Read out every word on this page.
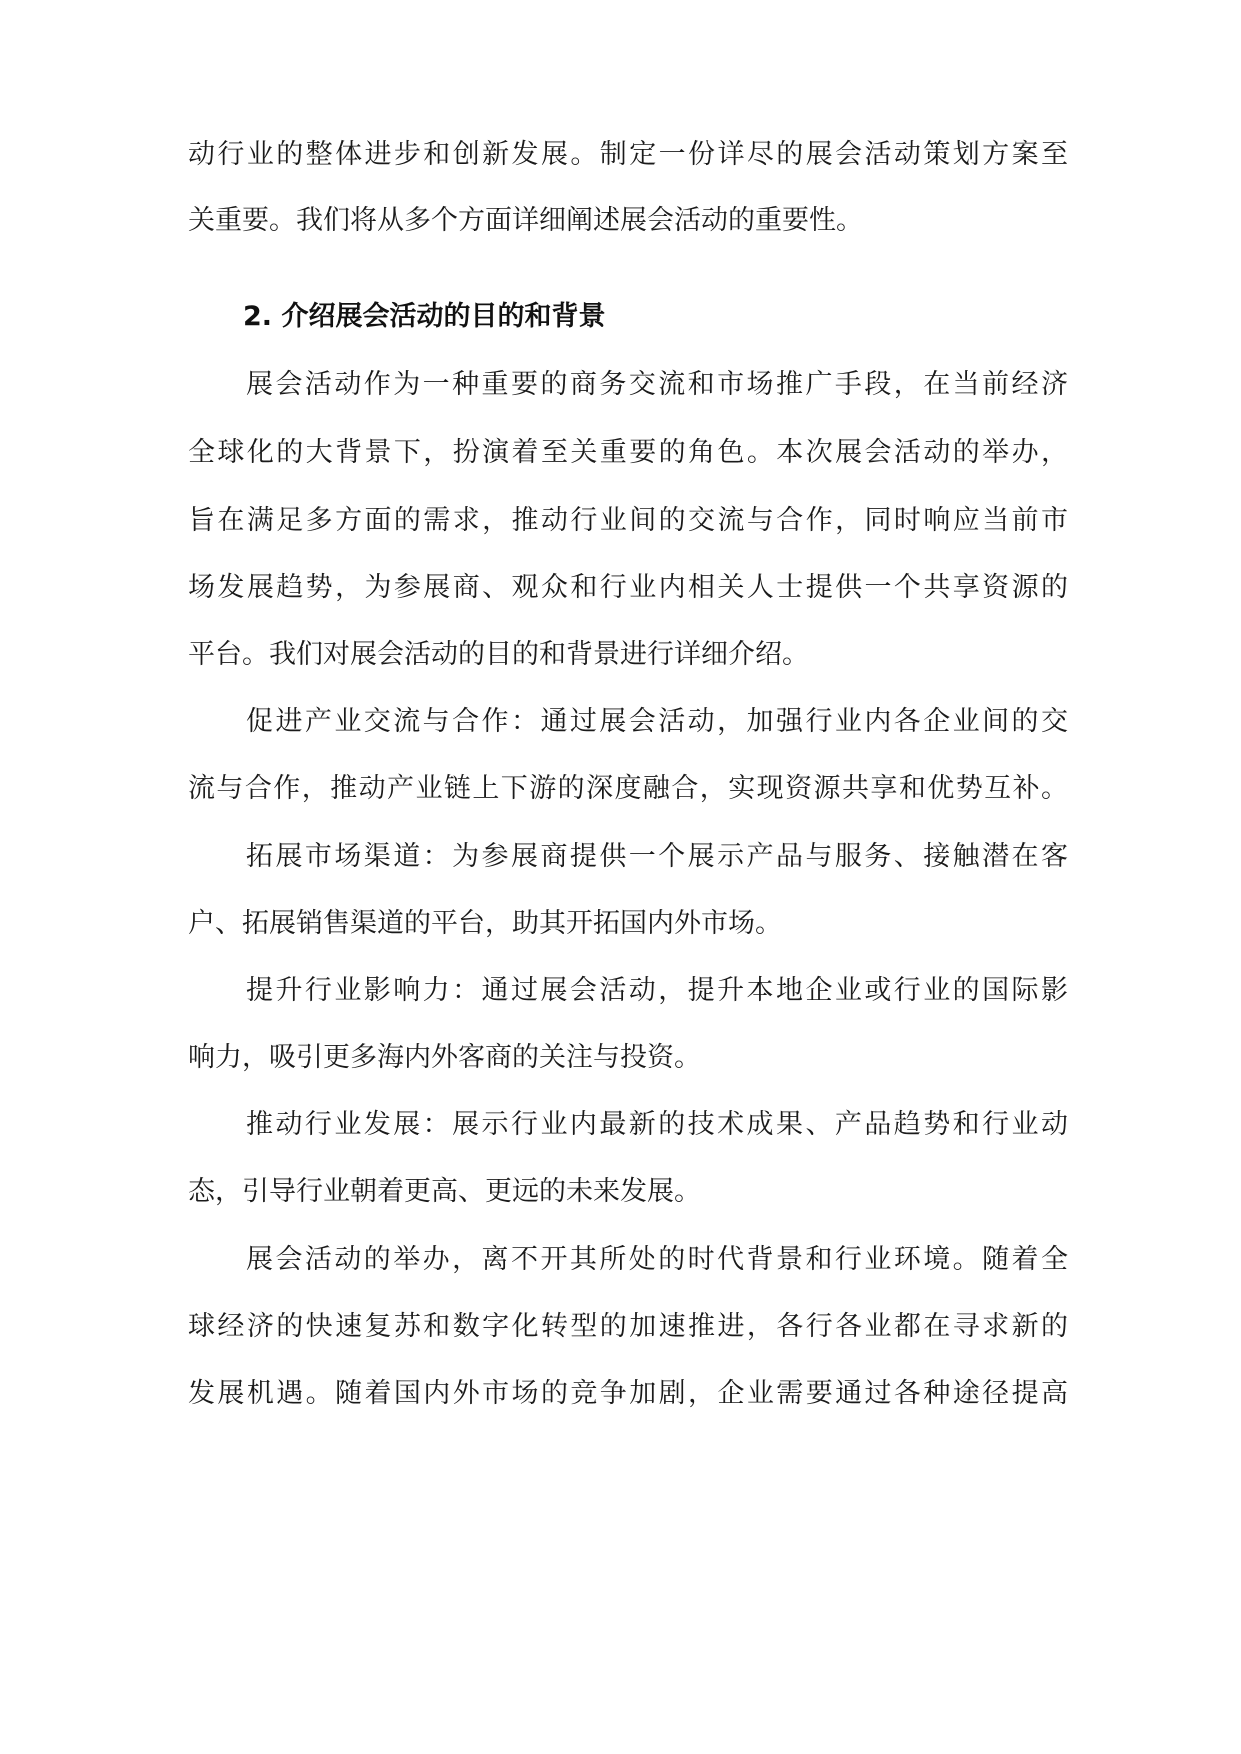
动行业的整体进步和创新发展。制定一份详尽的展会活动策划方案至
关重要。我们将从多个方面详细阐述展会活动的重要性。
2. 介绍展会活动的目的和背景
展会活动作为一种重要的商务交流和市场推广手段，在当前经济
全球化的大背景下，扮演着至关重要的角色。本次展会活动的举办，
旨在满足多方面的需求，推动行业间的交流与合作，同时响应当前市
场发展趋势，为参展商、观众和行业内相关人士提供一个共享资源的
平台。我们对展会活动的目的和背景进行详细介绍。
促进产业交流与合作：通过展会活动，加强行业内各企业间的交
流与合作，推动产业链上下游的深度融合，实现资源共享和优势互补。
拓展市场渠道：为参展商提供一个展示产品与服务、接触潜在客
户、拓展销售渠道的平台，助其开拓国内外市场。
提升行业影响力：通过展会活动，提升本地企业或行业的国际影
响力，吸引更多海内外客商的关注与投资。
推动行业发展：展示行业内最新的技术成果、产品趋势和行业动
态，引导行业朝着更高、更远的未来发展。
展会活动的举办，离不开其所处的时代背景和行业环境。随着全
球经济的快速复苏和数字化转型的加速推进，各行各业都在寻求新的
发展机遇。随着国内外市场的竞争加剧，企业需要通过各种途径提高
